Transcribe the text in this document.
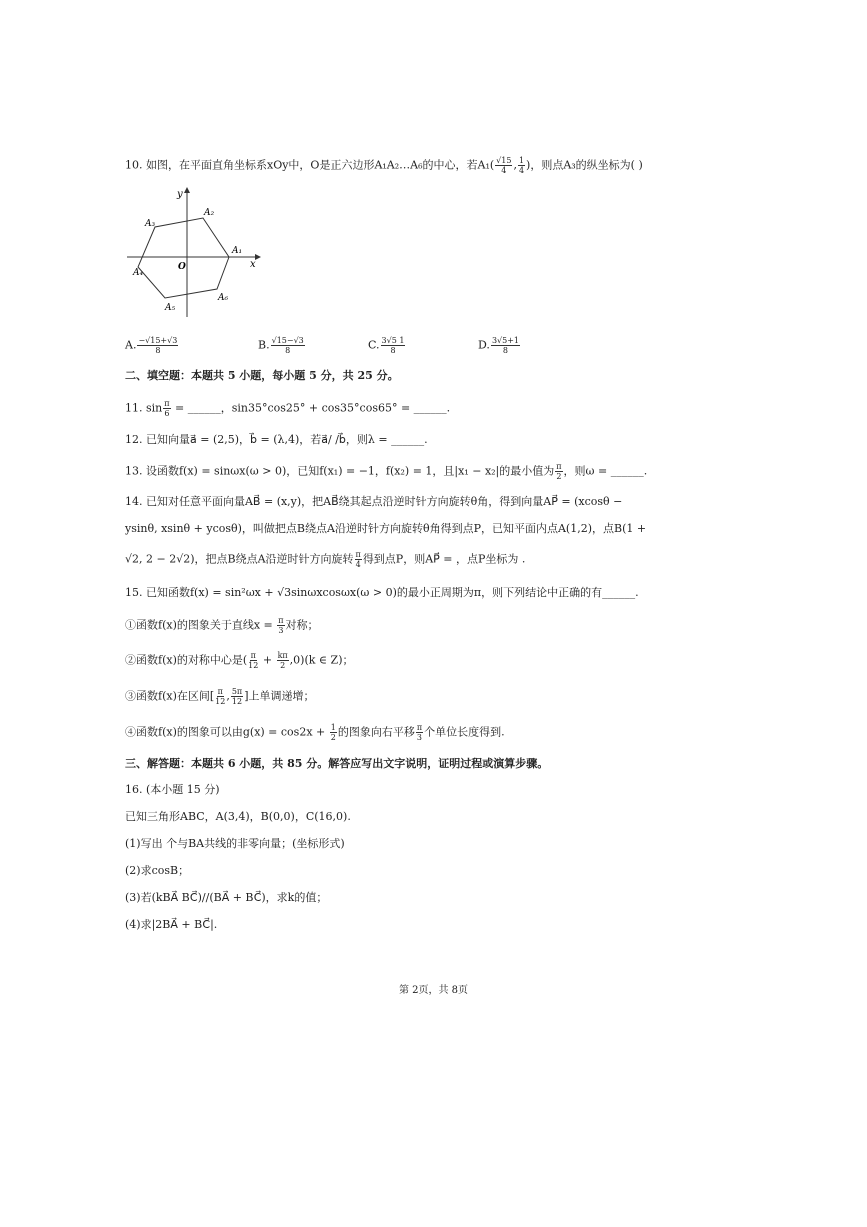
10. 如图，在平面直角坐标系xOy中，O是正六边形A₁A₂…A₆的中心，若$A_1( \frac{√15}{4}$ , $\frac{1}{4}$ )，则点A₃的纵坐标为( )
y
x
O
A₁
A₂
A₃
A₄
A₅
A₆
A. $\frac{-√15+√3}{8}$	B. $\frac{√15-√3}{8}$	C. $\frac{3√5 1}{8}$	D. $\frac{3√5+1}{8}$
二、填空题：本题共 5 小题，每小题 5 分，共 25 分。
11. $\sin \frac{\pi}{6}$ = ______，sin35°cos25° + cos35°cos65° = ______.
12. 已知向量a⃗ = (2,5)，b⃗ = (λ,4)，若a⃗/ /b⃗，则λ = ______.
13. 设函数f(x) = sinωx(ω > 0)，已知f(x₁) = −1，f(x₂) = 1，且|x₁ − x₂|的最小值为 $\frac{\pi}{2}$ ，则ω = ______.
14. 已知对任意平面向量AB⃗ = (x,y)，把AB⃗绕其起点沿逆时针方向旋转θ角，得到向量AP⃗ = (xcosθ −
ysinθ, xsinθ + ycosθ)，叫做把点B绕点A沿逆时针方向旋转θ角得到点P，已知平面内点A(1,2)，点B(1 +
√2, 2 − 2√2)，把点B绕点A沿逆时针方向旋转 $\frac{\pi}{4}$ 得到点P，则AP⃗ = ，点P坐标为 .
15. 已知函数f(x) = sin²ωx + √3sinωxcosωx(ω > 0)的最小正周期为π，则下列结论中正确的有______.
①函数f(x)的图象关于直线$x = \frac{\pi}{3}$ 对称；
②函数f(x)的对称中心是( $\frac{\pi}{12} + \frac{k\pi}{2} ,0)(k$ ∈ Z)；
③函数f(x)在区间[ $\frac{\pi}{12}$ , $\frac{5\pi}{12}$ ]上单调递增；
④函数f(x)的图象可以由$g(x) = \cos 2x + \frac{1}{2}$ 的图象向右平移 $\frac{\pi}{3}$ 个单位长度得到.
三、解答题：本题共 6 小题，共 85 分。解答应写出文字说明，证明过程或演算步骤。
16. (本小题 15 分)
已知三角形ABC，A(3,4)，B(0,0)，C(16,0).
(1)写出 个与BA共线的非零向量；(坐标形式)
(2)求cosB；
(3)若(kBA⃗ BC⃗)//(BA⃗ + BC⃗)，求k的值；
(4)求|2BA⃗ + BC⃗|.
第 2页，共 8页
